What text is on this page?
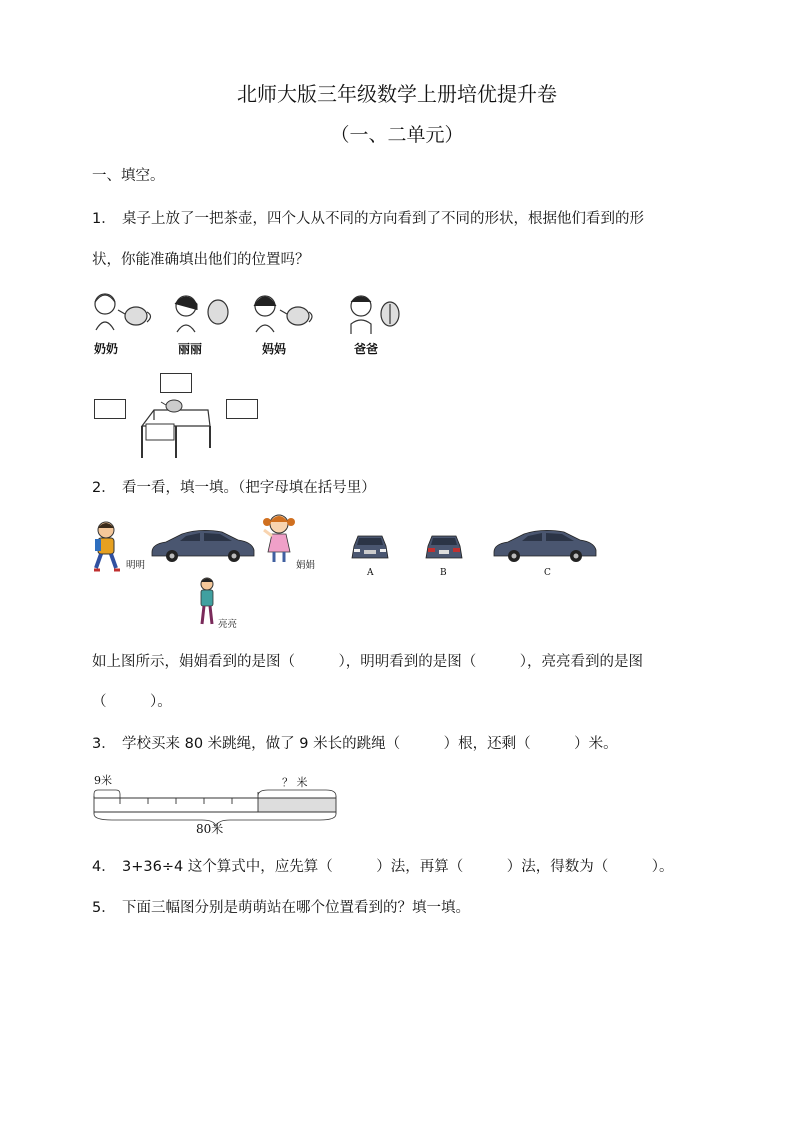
北师大版三年级数学上册培优提升卷
（一、二单元）
一、填空。
1． 桌子上放了一把茶壶，四个人从不同的方向看到了不同的形状，根据他们看到的形
状，你能准确填出他们的位置吗？
奶奶	丽丽	妈妈	爸爸
2． 看一看，填一填。（把字母填在括号里）
明明	娟娟
A	B	C
亮亮
如上图所示，娟娟看到的是图（　　　），明明看到的是图（　　　），亮亮看到的是图
（　　　）。
3． 学校买来 80 米跳绳，做了 9 米长的跳绳（　　　）根，还剩（　　　）米。
9米	？ 米
80米
4． 3+36÷4 这个算式中，应先算（　　　）法，再算（　　　）法，得数为（　　　）。
5． 下面三幅图分别是萌萌站在哪个位置看到的？填一填。
